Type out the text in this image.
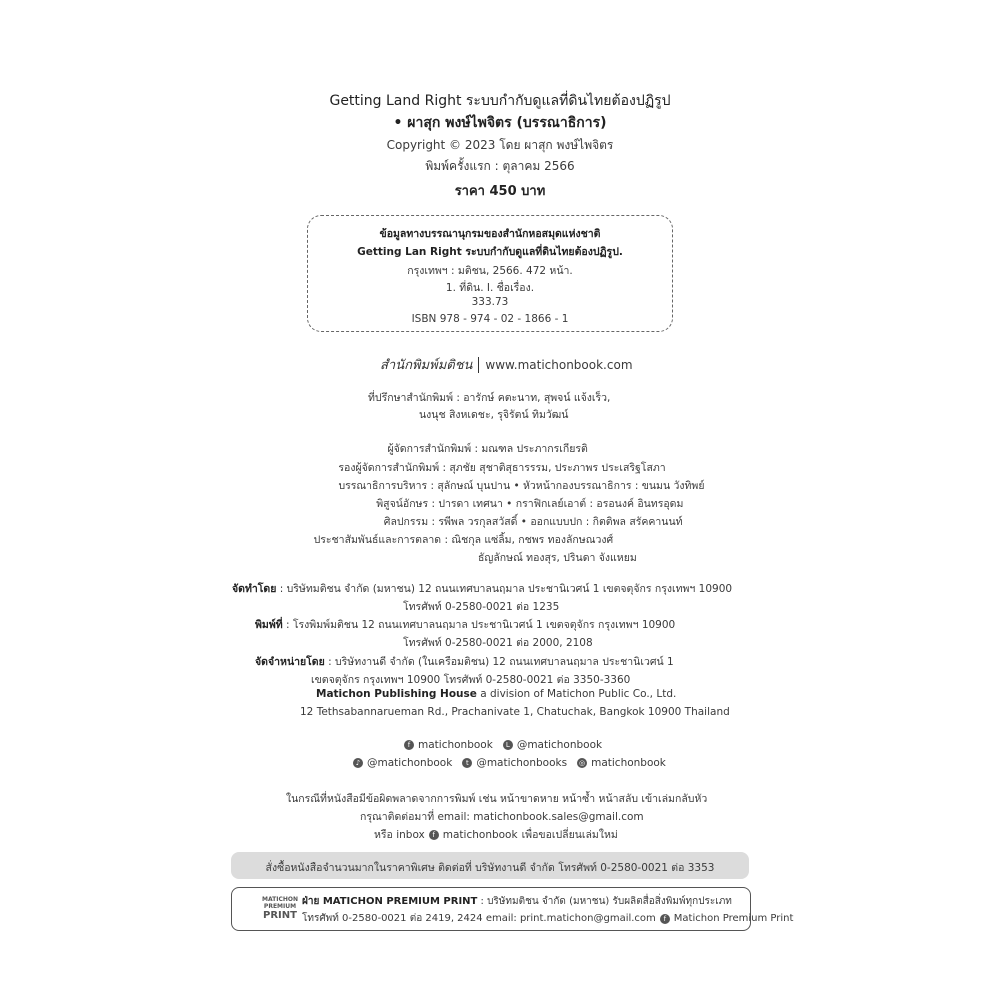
Getting Land Right ระบบกำกับดูแลที่ดินไทยต้องปฏิรูป
• ผาสุก พงษ์ไพจิตร (บรรณาธิการ)
Copyright © 2023 โดย ผาสุก พงษ์ไพจิตร
พิมพ์ครั้งแรก : ตุลาคม 2566
ราคา 450 บาท
ข้อมูลทางบรรณานุกรมของสำนักหอสมุดแห่งชาติ
Getting Lan Right ระบบกำกับดูแลที่ดินไทยต้องปฏิรูป.
กรุงเทพฯ : มติชน, 2566. 472 หน้า.
1. ที่ดิน. I. ชื่อเรื่อง.
333.73
ISBN 978 - 974 - 02 - 1866 - 1
สำนักพิมพ์มติชน www.matichonbook.com
ที่ปรึกษาสำนักพิมพ์ : อารักษ์ คตะนาท, สุพจน์ แจ้งเร็ว,
นงนุช สิงหเดชะ, รุจิรัตน์ ทิมวัฒน์
ผู้จัดการสำนักพิมพ์ : มณฑล ประภากรเกียรติ
รองผู้จัดการสำนักพิมพ์ : สุภชัย สุชาติสุธารรรม, ประภาพร ประเสริฐโสภา
บรรณาธิการบริหาร : สุลักษณ์ บุนปาน • หัวหน้ากองบรรณาธิการ : ขนมน วังทิพย์
พิสูจน์อักษร : ปารดา เทศนา • กราฟิกเลย์เอาต์ : อรอนงค์ อินทรอุดม
ศิลปกรรม : รพีพล วรกุลสวัสดิ์ • ออกแบบปก : กิตติพล สรัคคานนท์
ประชาสัมพันธ์และการตลาด : ณิชกุล แซ่ลิ้ม, กชพร ทองลักษณวงศ์
ธัญลักษณ์ ทองสุร, ปรินดา จังแหยม
จัดทำโดย : บริษัทมติชน จำกัด (มหาชน) 12 ถนนเทศบาลนฤมาล ประชานิเวศน์ 1 เขตจตุจักร กรุงเทพฯ 10900
โทรศัพท์ 0-2580-0021 ต่อ 1235
พิมพ์ที่ : โรงพิมพ์มติชน 12 ถนนเทศบาลนฤมาล ประชานิเวศน์ 1 เขตจตุจักร กรุงเทพฯ 10900
โทรศัพท์ 0-2580-0021 ต่อ 2000, 2108
จัดจำหน่ายโดย : บริษัทงานดี จำกัด (ในเครือมติชน) 12 ถนนเทศบาลนฤมาล ประชานิเวศน์ 1
เขตจตุจักร กรุงเทพฯ 10900 โทรศัพท์ 0-2580-0021 ต่อ 3350-3360
Matichon Publishing House a division of Matichon Public Co., Ltd.
12 Tethsabannarueman Rd., Prachanivate 1, Chatuchak, Bangkok 10900 Thailand
f matichonbook	L @matichonbook
♪ @matichonbook	t @matichonbooks ◎ matichonbook
ในกรณีที่หนังสือมีข้อผิดพลาดจากการพิมพ์ เช่น หน้าขาดหาย หน้าซ้ำ หน้าสลับ เข้าเล่มกลับหัว
กรุณาติดต่อมาที่ email: matichonbook.sales@gmail.com
หรือ inbox	f matichonbook เพื่อขอเปลี่ยนเล่มใหม่
สั่งซื้อหนังสือจำนวนมากในราคาพิเศษ ติดต่อที่ บริษัทงานดี จำกัด โทรศัพท์ 0-2580-0021 ต่อ 3353
MATICHON
PREMIUM
PRINT
ฝ่าย MATICHON PREMIUM PRINT : บริษัทมติชน จำกัด (มหาชน) รับผลิตสื่อสิ่งพิมพ์ทุกประเภท
โทรศัพท์ 0-2580-0021 ต่อ 2419, 2424 email: print.matichon@gmail.com	f Matichon Premium Print
